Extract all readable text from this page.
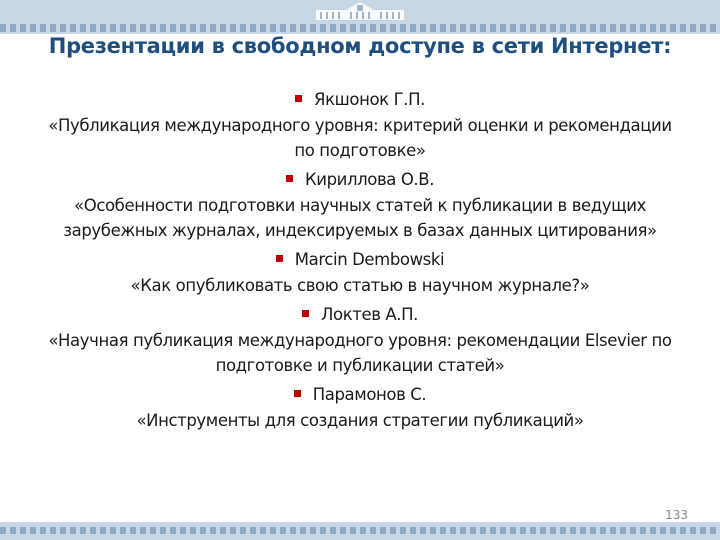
Презентации в свободном доступе в сети Интернет:
Якшонок Г.П.
«Публикация международного уровня: критерий оценки и рекомендации по подготовке»
Кириллова О.В.
«Особенности подготовки научных статей к публикации в ведущих зарубежных журналах, индексируемых в базах данных цитирования»
Marcin Dembowski
«Как опубликовать свою статью в научном журнале?»
Локтев А.П.
«Научная публикация международного уровня: рекомендации Elsevier по подготовке и публикации статей»
Парамонов С.
«Инструменты для создания стратегии публикаций»
133
